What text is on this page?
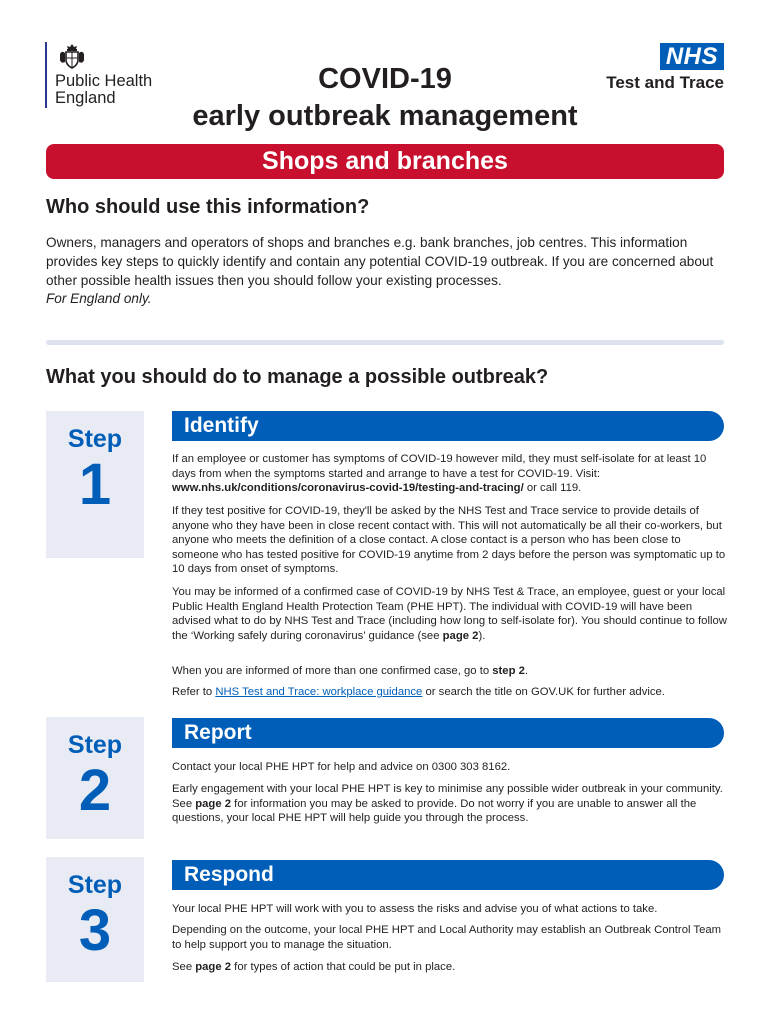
Public Health
England
NHS
Test and Trace
COVID-19
early outbreak management
Shops and branches
Who should use this information?
Owners, managers and operators of shops and branches e.g. bank branches, job centres. This information provides key steps to quickly identify and contain any potential COVID-19 outbreak. If you are concerned about other possible health issues then you should follow your existing processes.
For England only.
What you should do to manage a possible outbreak?
Step
1
Identify
If an employee or customer has symptoms of COVID-19 however mild, they must self-isolate for at least 10 days from when the symptoms started and arrange to have a test for COVID-19. Visit: www.nhs.uk/conditions/coronavirus-covid-19/testing-and-tracing/ or call 119.
If they test positive for COVID-19, they'll be asked by the NHS Test and Trace service to provide details of anyone who they have been in close recent contact with. This will not automatically be all their co-workers, but anyone who meets the definition of a close contact. A close contact is a person who has been close to someone who has tested positive for COVID-19 anytime from 2 days before the person was symptomatic up to 10 days from onset of symptoms.
You may be informed of a confirmed case of COVID-19 by NHS Test & Trace, an employee, guest or your local Public Health England Health Protection Team (PHE HPT). The individual with COVID-19 will have been advised what to do by NHS Test and Trace (including how long to self-isolate for). You should continue to follow the ‘Working safely during coronavirus’ guidance (see page 2).
When you are informed of more than one confirmed case, go to step 2.
Refer to NHS Test and Trace: workplace guidance or search the title on GOV.UK for further advice.
Step
2
Report
Contact your local PHE HPT for help and advice on 0300 303 8162.
Early engagement with your local PHE HPT is key to minimise any possible wider outbreak in your community. See page 2 for information you may be asked to provide. Do not worry if you are unable to answer all the questions, your local PHE HPT will help guide you through the process.
Step
3
Respond
Your local PHE HPT will work with you to assess the risks and advise you of what actions to take.
Depending on the outcome, your local PHE HPT and Local Authority may establish an Outbreak Control Team to help support you to manage the situation.
See page 2 for types of action that could be put in place.
